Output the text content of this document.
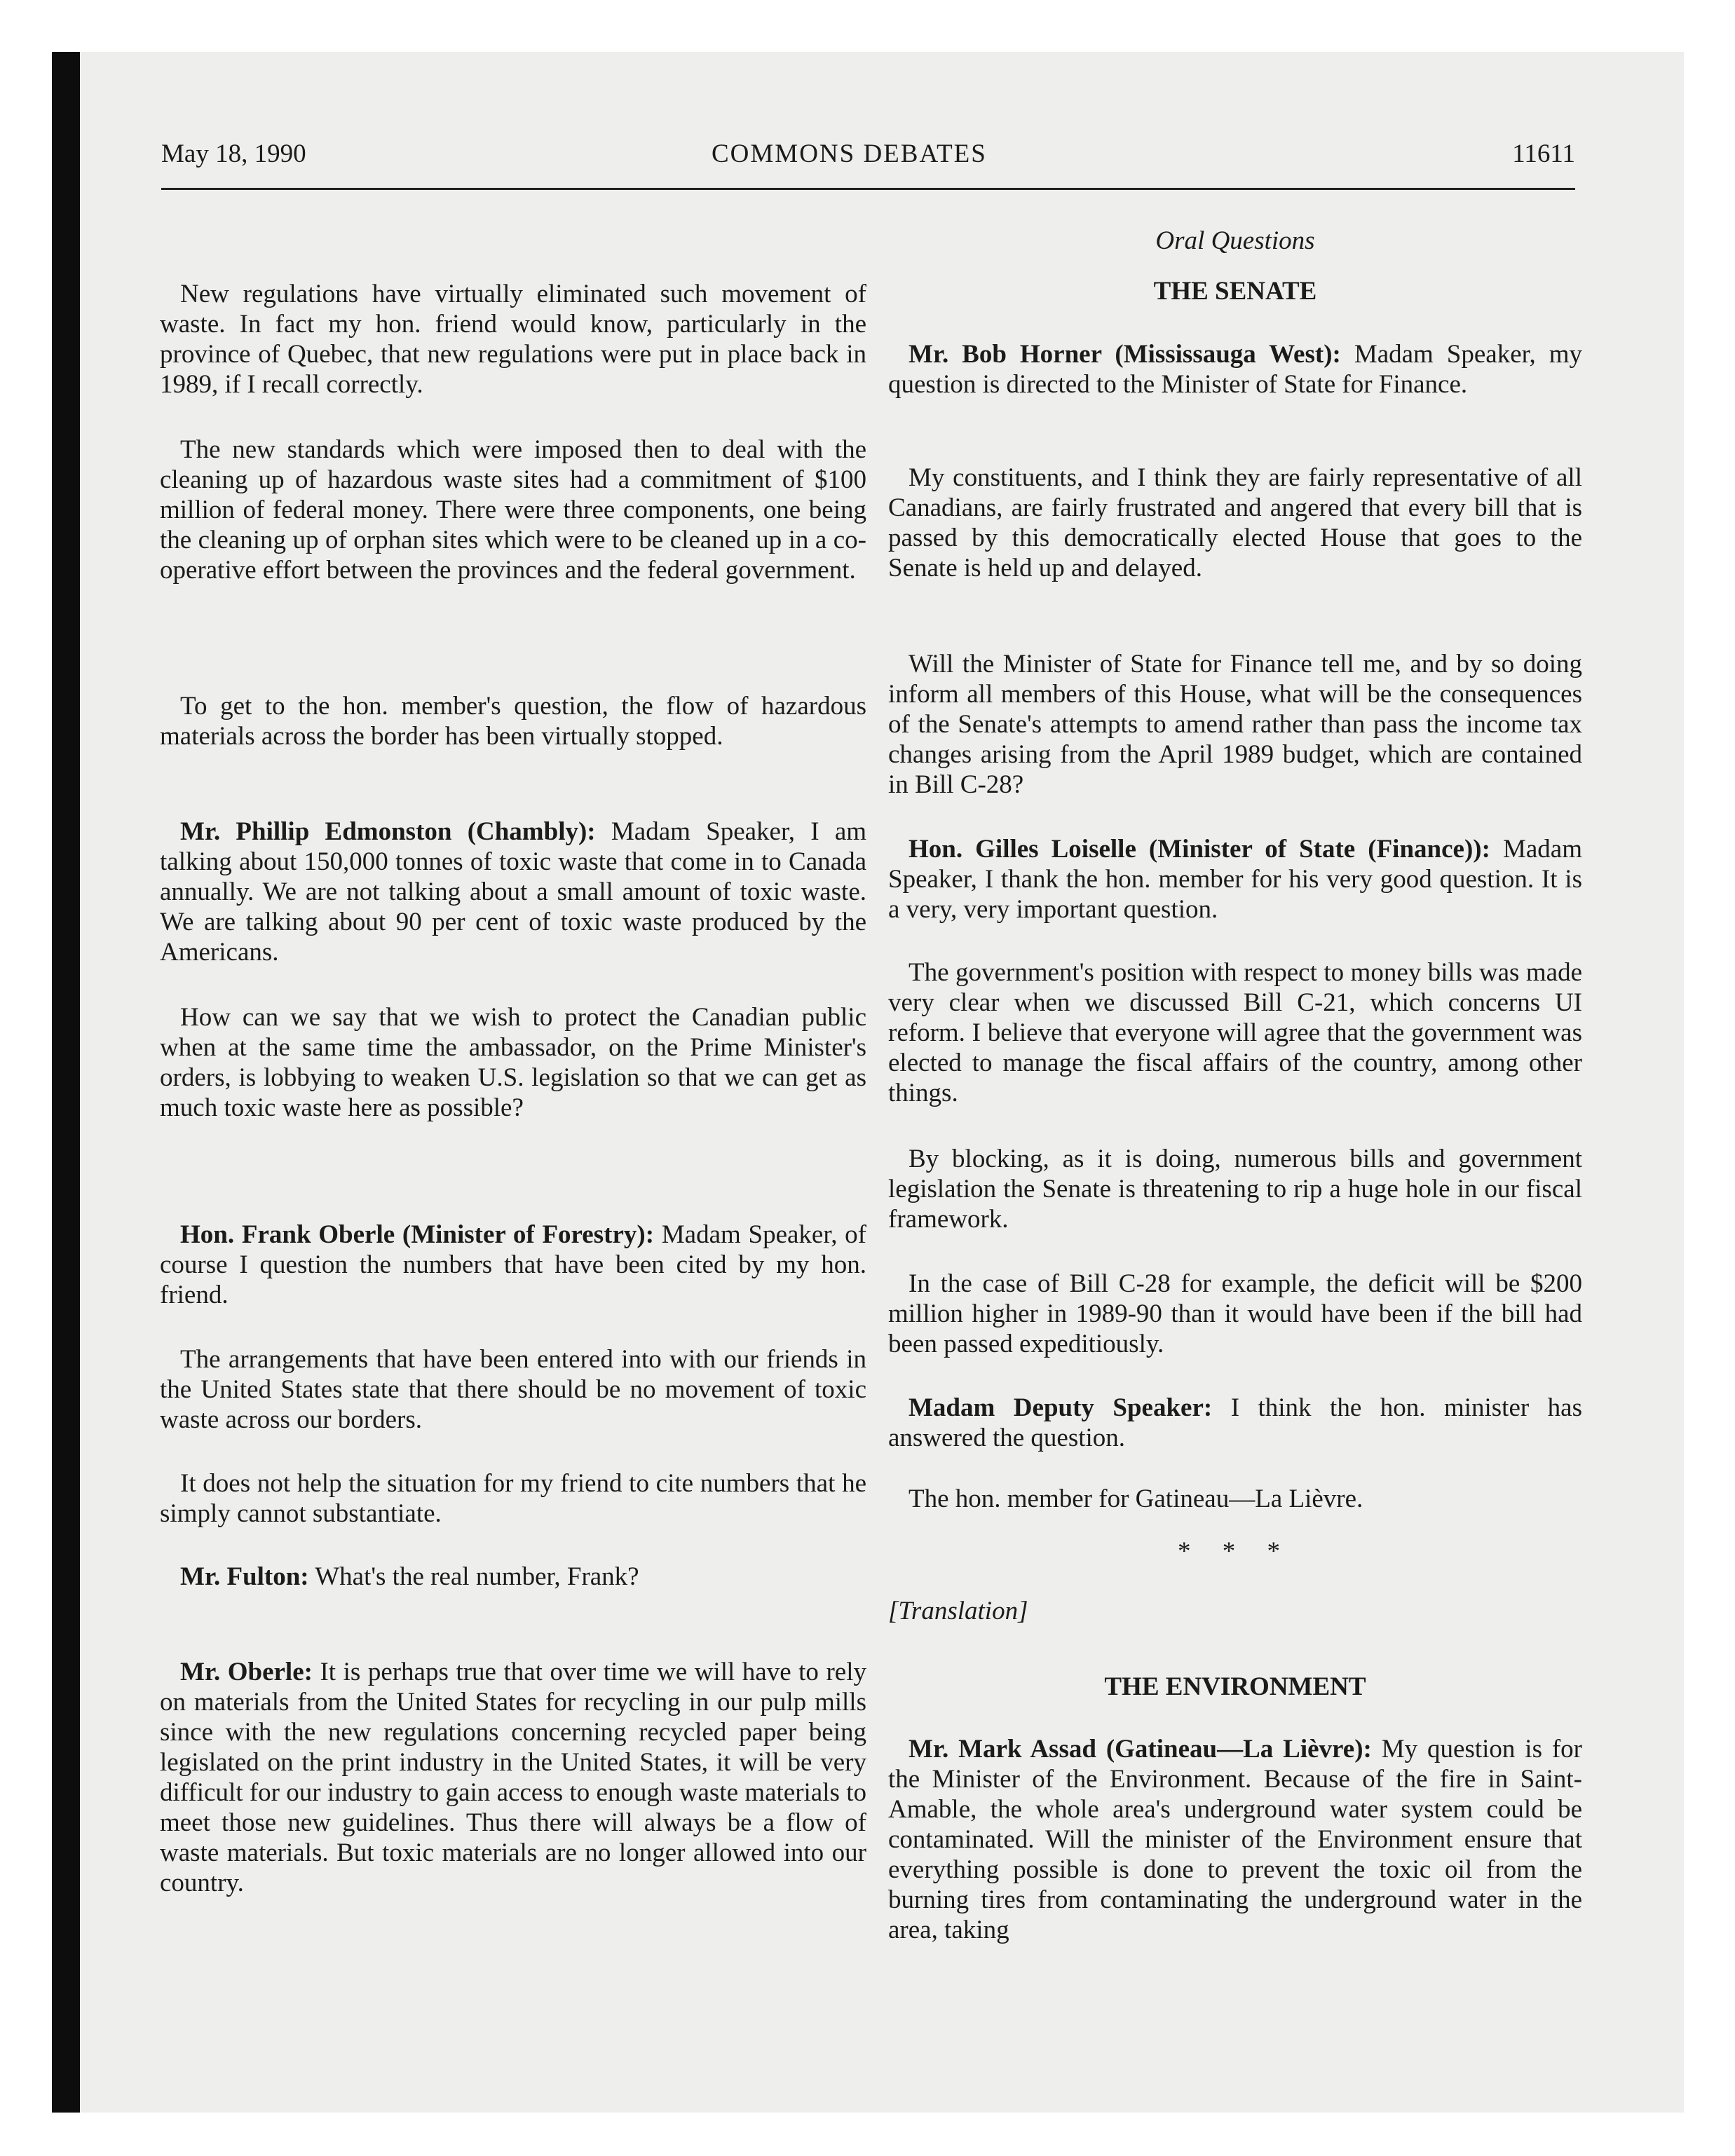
May 18, 1990	COMMONS DEBATES	11611

New regulations have virtually eliminated such movement of waste. In fact my hon. friend would know, particularly in the province of Quebec, that new regulations were put in place back in 1989, if I recall correctly.

The new standards which were imposed then to deal with the cleaning up of hazardous waste sites had a commitment of $100 million of federal money. There were three components, one being the cleaning up of orphan sites which were to be cleaned up in a co-operative effort between the provinces and the federal government.

To get to the hon. member's question, the flow of hazardous materials across the border has been virtually stopped.

Mr. Phillip Edmonston (Chambly): Madam Speaker, I am talking about 150,000 tonnes of toxic waste that come in to Canada annually. We are not talking about a small amount of toxic waste. We are talking about 90 per cent of toxic waste produced by the Americans.

How can we say that we wish to protect the Canadian public when at the same time the ambassador, on the Prime Minister's orders, is lobbying to weaken U.S. legislation so that we can get as much toxic waste here as possible?

Hon. Frank Oberle (Minister of Forestry): Madam Speaker, of course I question the numbers that have been cited by my hon. friend.

The arrangements that have been entered into with our friends in the United States state that there should be no movement of toxic waste across our borders.

It does not help the situation for my friend to cite numbers that he simply cannot substantiate.

Mr. Fulton: What's the real number, Frank?

Mr. Oberle: It is perhaps true that over time we will have to rely on materials from the United States for recycling in our pulp mills since with the new regulations concerning recycled paper being legislated on the print industry in the United States, it will be very difficult for our industry to gain access to enough waste materials to meet those new guidelines. Thus there will always be a flow of waste materials. But toxic materials are no longer allowed into our country.

Oral Questions

THE SENATE

Mr. Bob Horner (Mississauga West): Madam Speaker, my question is directed to the Minister of State for Finance.

My constituents, and I think they are fairly representative of all Canadians, are fairly frustrated and angered that every bill that is passed by this democratically elected House that goes to the Senate is held up and delayed.

Will the Minister of State for Finance tell me, and by so doing inform all members of this House, what will be the consequences of the Senate's attempts to amend rather than pass the income tax changes arising from the April 1989 budget, which are contained in Bill C-28?

Hon. Gilles Loiselle (Minister of State (Finance)): Madam Speaker, I thank the hon. member for his very good question. It is a very, very important question.

The government's position with respect to money bills was made very clear when we discussed Bill C-21, which concerns UI reform. I believe that everyone will agree that the government was elected to manage the fiscal affairs of the country, among other things.

By blocking, as it is doing, numerous bills and government legislation the Senate is threatening to rip a huge hole in our fiscal framework.

In the case of Bill C-28 for example, the deficit will be $200 million higher in 1989-90 than it would have been if the bill had been passed expeditiously.

Madam Deputy Speaker: I think the hon. minister has answered the question.

The hon. member for Gatineau—La Lièvre.

* * *

[Translation]

THE ENVIRONMENT

Mr. Mark Assad (Gatineau—La Lièvre): My question is for the Minister of the Environment. Because of the fire in Saint-Amable, the whole area's underground water system could be contaminated. Will the minister of the Environment ensure that everything possible is done to prevent the toxic oil from the burning tires from contaminating the underground water in the area, taking
